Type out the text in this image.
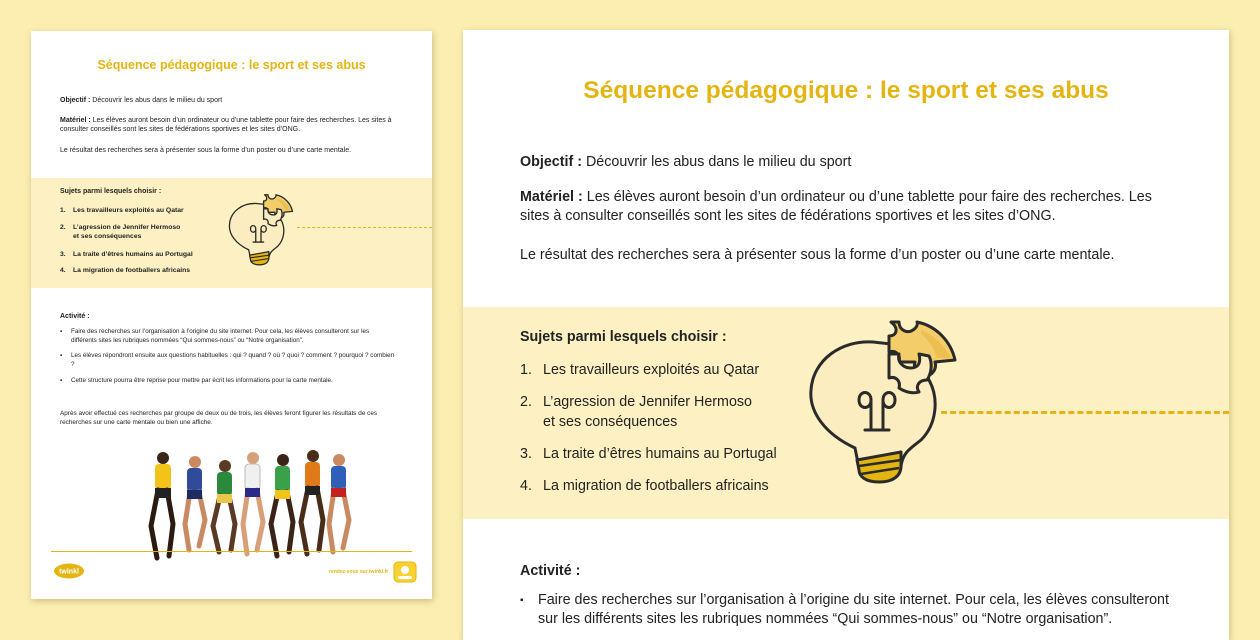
Séquence pédagogique : le sport et ses abus
Objectif : Découvrir les abus dans le milieu du sport
Matériel : Les élèves auront besoin d’un ordinateur ou d’une tablette pour faire des recherches. Les sites à consulter conseillés sont les sites de fédérations sportives et les sites d’ONG.
Le résultat des recherches sera à présenter sous la forme d’un poster ou d’une carte mentale.
Sujets parmi lesquels choisir :
1. Les travailleurs exploités au Qatar
2. L’agression de Jennifer Hermoso
et ses conséquences
3. La traite d’êtres humains au Portugal
4. La migration de footballers africains
Activité :
▪	Faire des recherches sur l’organisation à l’origine du site internet. Pour cela, les élèves consulteront sur les différents sites les rubriques nommées “Qui sommes-nous” ou “Notre organisation”.
▪	Les élèves répondront ensuite aux questions habituelles : qui ? quand ? où ? quoi ? comment ? pourquoi ? combien ?
▪	Cette structure pourra être reprise pour mettre par écrit les informations pour la carte mentale.
Après avoir effectué ces recherches par groupe de deux ou de trois, les élèves feront figurer les résultats de ces recherches sur une carte mentale ou bien une affiche.
twinkl	rendez-vous sur twinkl.fr
Séquence pédagogique : le sport et ses abus
Objectif : Découvrir les abus dans le milieu du sport
Matériel : Les élèves auront besoin d’un ordinateur ou d’une tablette pour faire des recherches. Les sites à consulter conseillés sont les sites de fédérations sportives et les sites d’ONG.
Le résultat des recherches sera à présenter sous la forme d’un poster ou d’une carte mentale.
Sujets parmi lesquels choisir :
1. Les travailleurs exploités au Qatar
2. L’agression de Jennifer Hermoso
et ses conséquences
3. La traite d’êtres humains au Portugal
4. La migration de footballers africains
Activité :
▪	Faire des recherches sur l’organisation à l’origine du site internet. Pour cela, les élèves consulteront sur les différents sites les rubriques nommées “Qui sommes-nous” ou “Notre organisation”.
